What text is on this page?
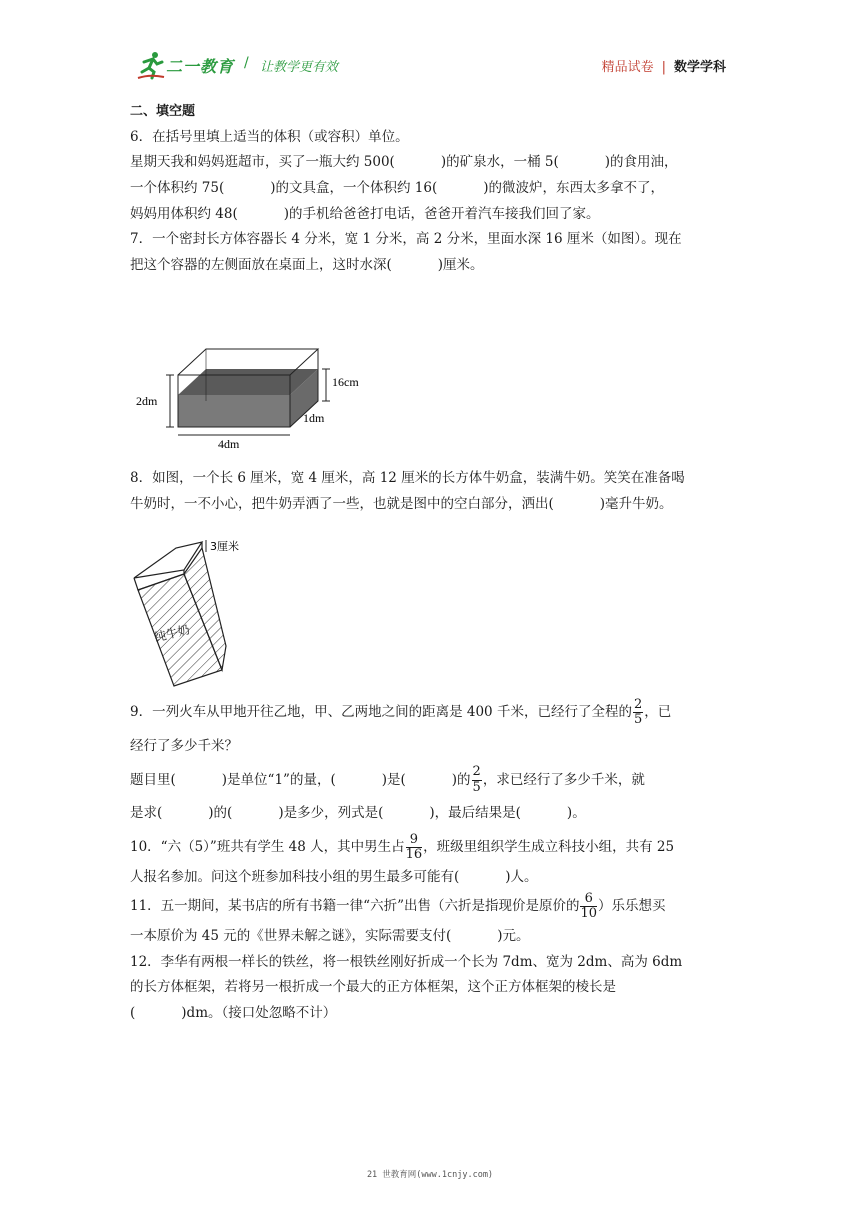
二一教育 / 让教学更有效	精品试卷 | 数学学科

二、填空题

6．在括号里填上适当的体积（或容积）单位。

星期天我和妈妈逛超市，买了一瓶大约 500(	)的矿泉水，一桶 5(	)的食用油，

一个体积约 75(	)的文具盒，一个体积约 16(	)的微波炉，东西太多拿不了，

妈妈用体积约 48(	)的手机给爸爸打电话，爸爸开着汽车接我们回了家。

7．一个密封长方体容器长 4 分米，宽 1 分米，高 2 分米，里面水深 16 厘米（如图）。现在

把这个容器的左侧面放在桌面上，这时水深(	)厘米。

2dm
16cm
1dm
4dm

8．如图，一个长 6 厘米，宽 4 厘米，高 12 厘米的长方体牛奶盒，装满牛奶。笑笑在准备喝

牛奶时，一不小心，把牛奶弄洒了一些，也就是图中的空白部分，洒出(	)毫升牛奶。

3厘米
纯牛奶

9．一列火车从甲地开往乙地，甲、乙两地之间的距离是 400 千米，已经行了全程的 $\frac{2}{5}$ ，已

经行了多少千米？

题目里(	)是单位“1”的量，(	)是(	)的 $\frac{2}{5}$ ，求已经行了多少千米，就

是求(	)的(	)是多少，列式是(	)，最后结果是(	)。

10．“六（5）”班共有学生 48 人，其中男生占 $\frac{9}{16}$ ，班级里组织学生成立科技小组，共有 25

人报名参加。问这个班参加科技小组的男生最多可能有(	)人。

11．五一期间，某书店的所有书籍一律“六折”出售（六折是指现价是原价的 $\frac{6}{10}$ ）乐乐想买

一本原价为 45 元的《世界未解之谜》，实际需要支付(	)元。

12．李华有两根一样长的铁丝，将一根铁丝刚好折成一个长为 7dm、宽为 2dm、高为 6dm

的长方体框架，若将另一根折成一个最大的正方体框架，这个正方体框架的棱长是

(	)dm。（接口处忽略不计）

21 世教育网(www.1cnjy.com)
